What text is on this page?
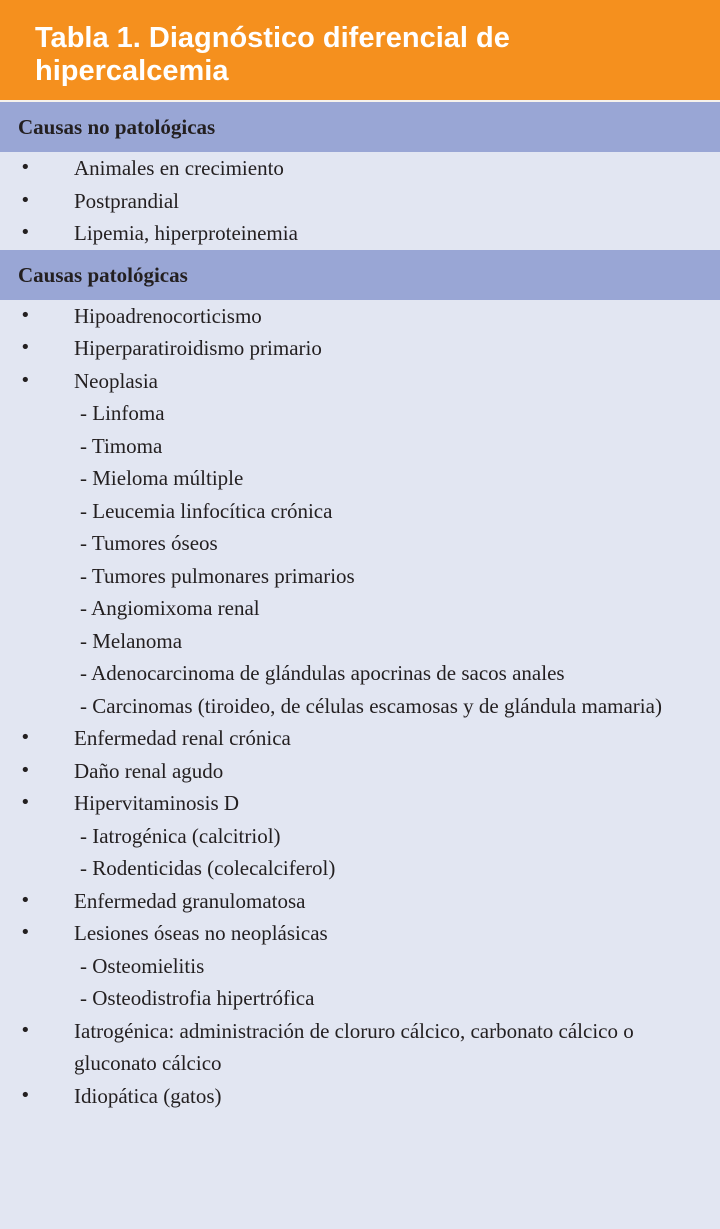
Tabla 1. Diagnóstico diferencial de hipercalcemia
Causas no patológicas
• Animales en crecimiento
• Postprandial
• Lipemia, hiperproteinemia
Causas patológicas
• Hipoadrenocorticismo
• Hiperparatiroidismo primario
• Neoplasia
- Linfoma
- Timoma
- Mieloma múltiple
- Leucemia linfocítica crónica
- Tumores óseos
- Tumores pulmonares primarios
- Angiomixoma renal
- Melanoma
- Adenocarcinoma de glándulas apocrinas de sacos anales
- Carcinomas (tiroideo, de células escamosas y de glándula mamaria)
• Enfermedad renal crónica
• Daño renal agudo
• Hipervitaminosis D
- Iatrogénica (calcitriol)
- Rodenticidas (colecalciferol)
• Enfermedad granulomatosa
• Lesiones óseas no neoplásicas
- Osteomielitis
- Osteodistrofia hipertrófica
• Iatrogénica: administración de cloruro cálcico, carbonato cálcico o gluconato cálcico
• Idiopática (gatos)
